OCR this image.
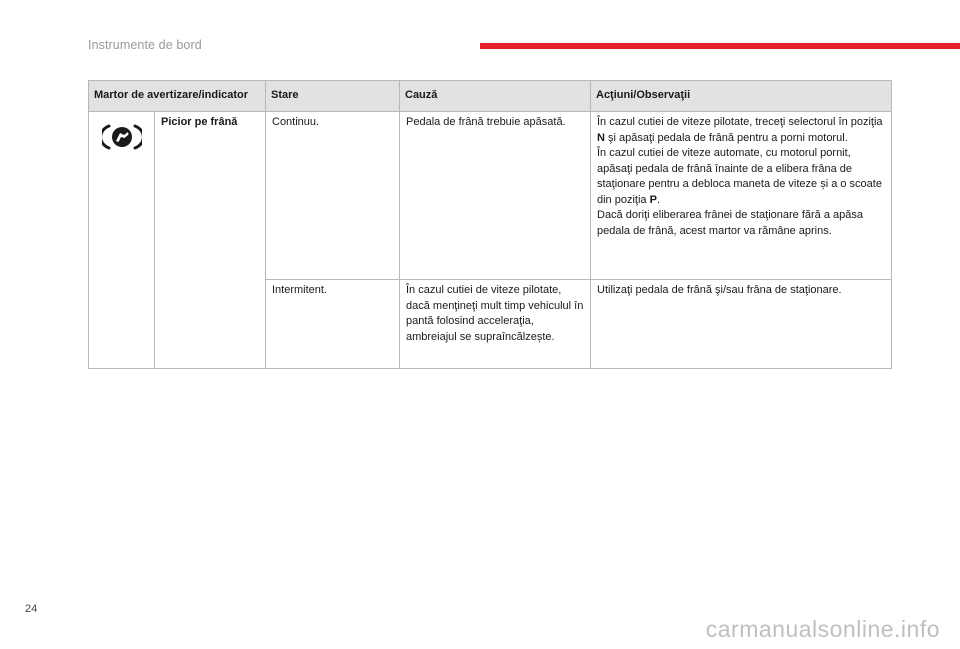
Instrumente de bord
Martor de avertizare/indicator		Stare	Cauză	Acţiuni/Observaţii
	Picior pe frână	Continuu.	Pedala de frână trebuie apăsată.	În cazul cutiei de viteze pilotate, treceţi selectorul în poziţia N şi apăsaţi pedala de frână pentru a porni motorul.
În cazul cutiei de viteze automate, cu motorul pornit, apăsaţi pedala de frână înainte de a elibera frâna de staţionare pentru a debloca maneta de viteze și a o scoate din poziţia P.
Dacă doriţi eliberarea frânei de staţionare fără a apăsa pedala de frână, acest martor va rămâne aprins.

		Intermitent.	În cazul cutiei de viteze pilotate, dacă menţineţi mult timp vehiculul în pantă folosind acceleraţia, ambreiajul se supraîncălzește.	Utilizaţi pedala de frână şi/sau frâna de staţionare.
24
carmanualsonline.info
